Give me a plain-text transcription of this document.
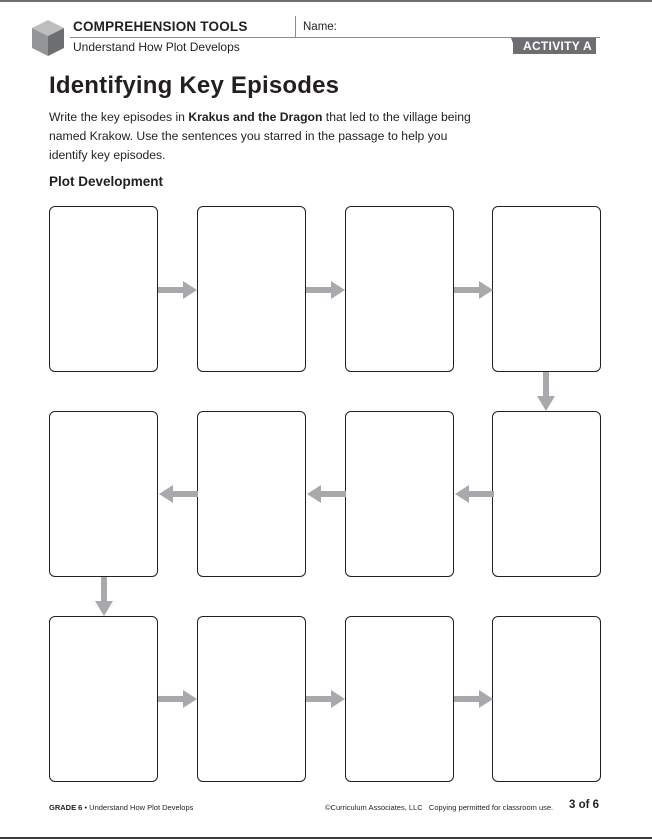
COMPREHENSION TOOLS	Name:
Understand How Plot Develops	ACTIVITY A
Identifying Key Episodes
Write the key episodes in Krakus and the Dragon that led to the village being named Krakow. Use the sentences you starred in the passage to help you identify key episodes.
Plot Development
GRADE 6 • Understand How Plot Develops	©Curriculum Associates, LLC Copying permitted for classroom use. 3 of 6
